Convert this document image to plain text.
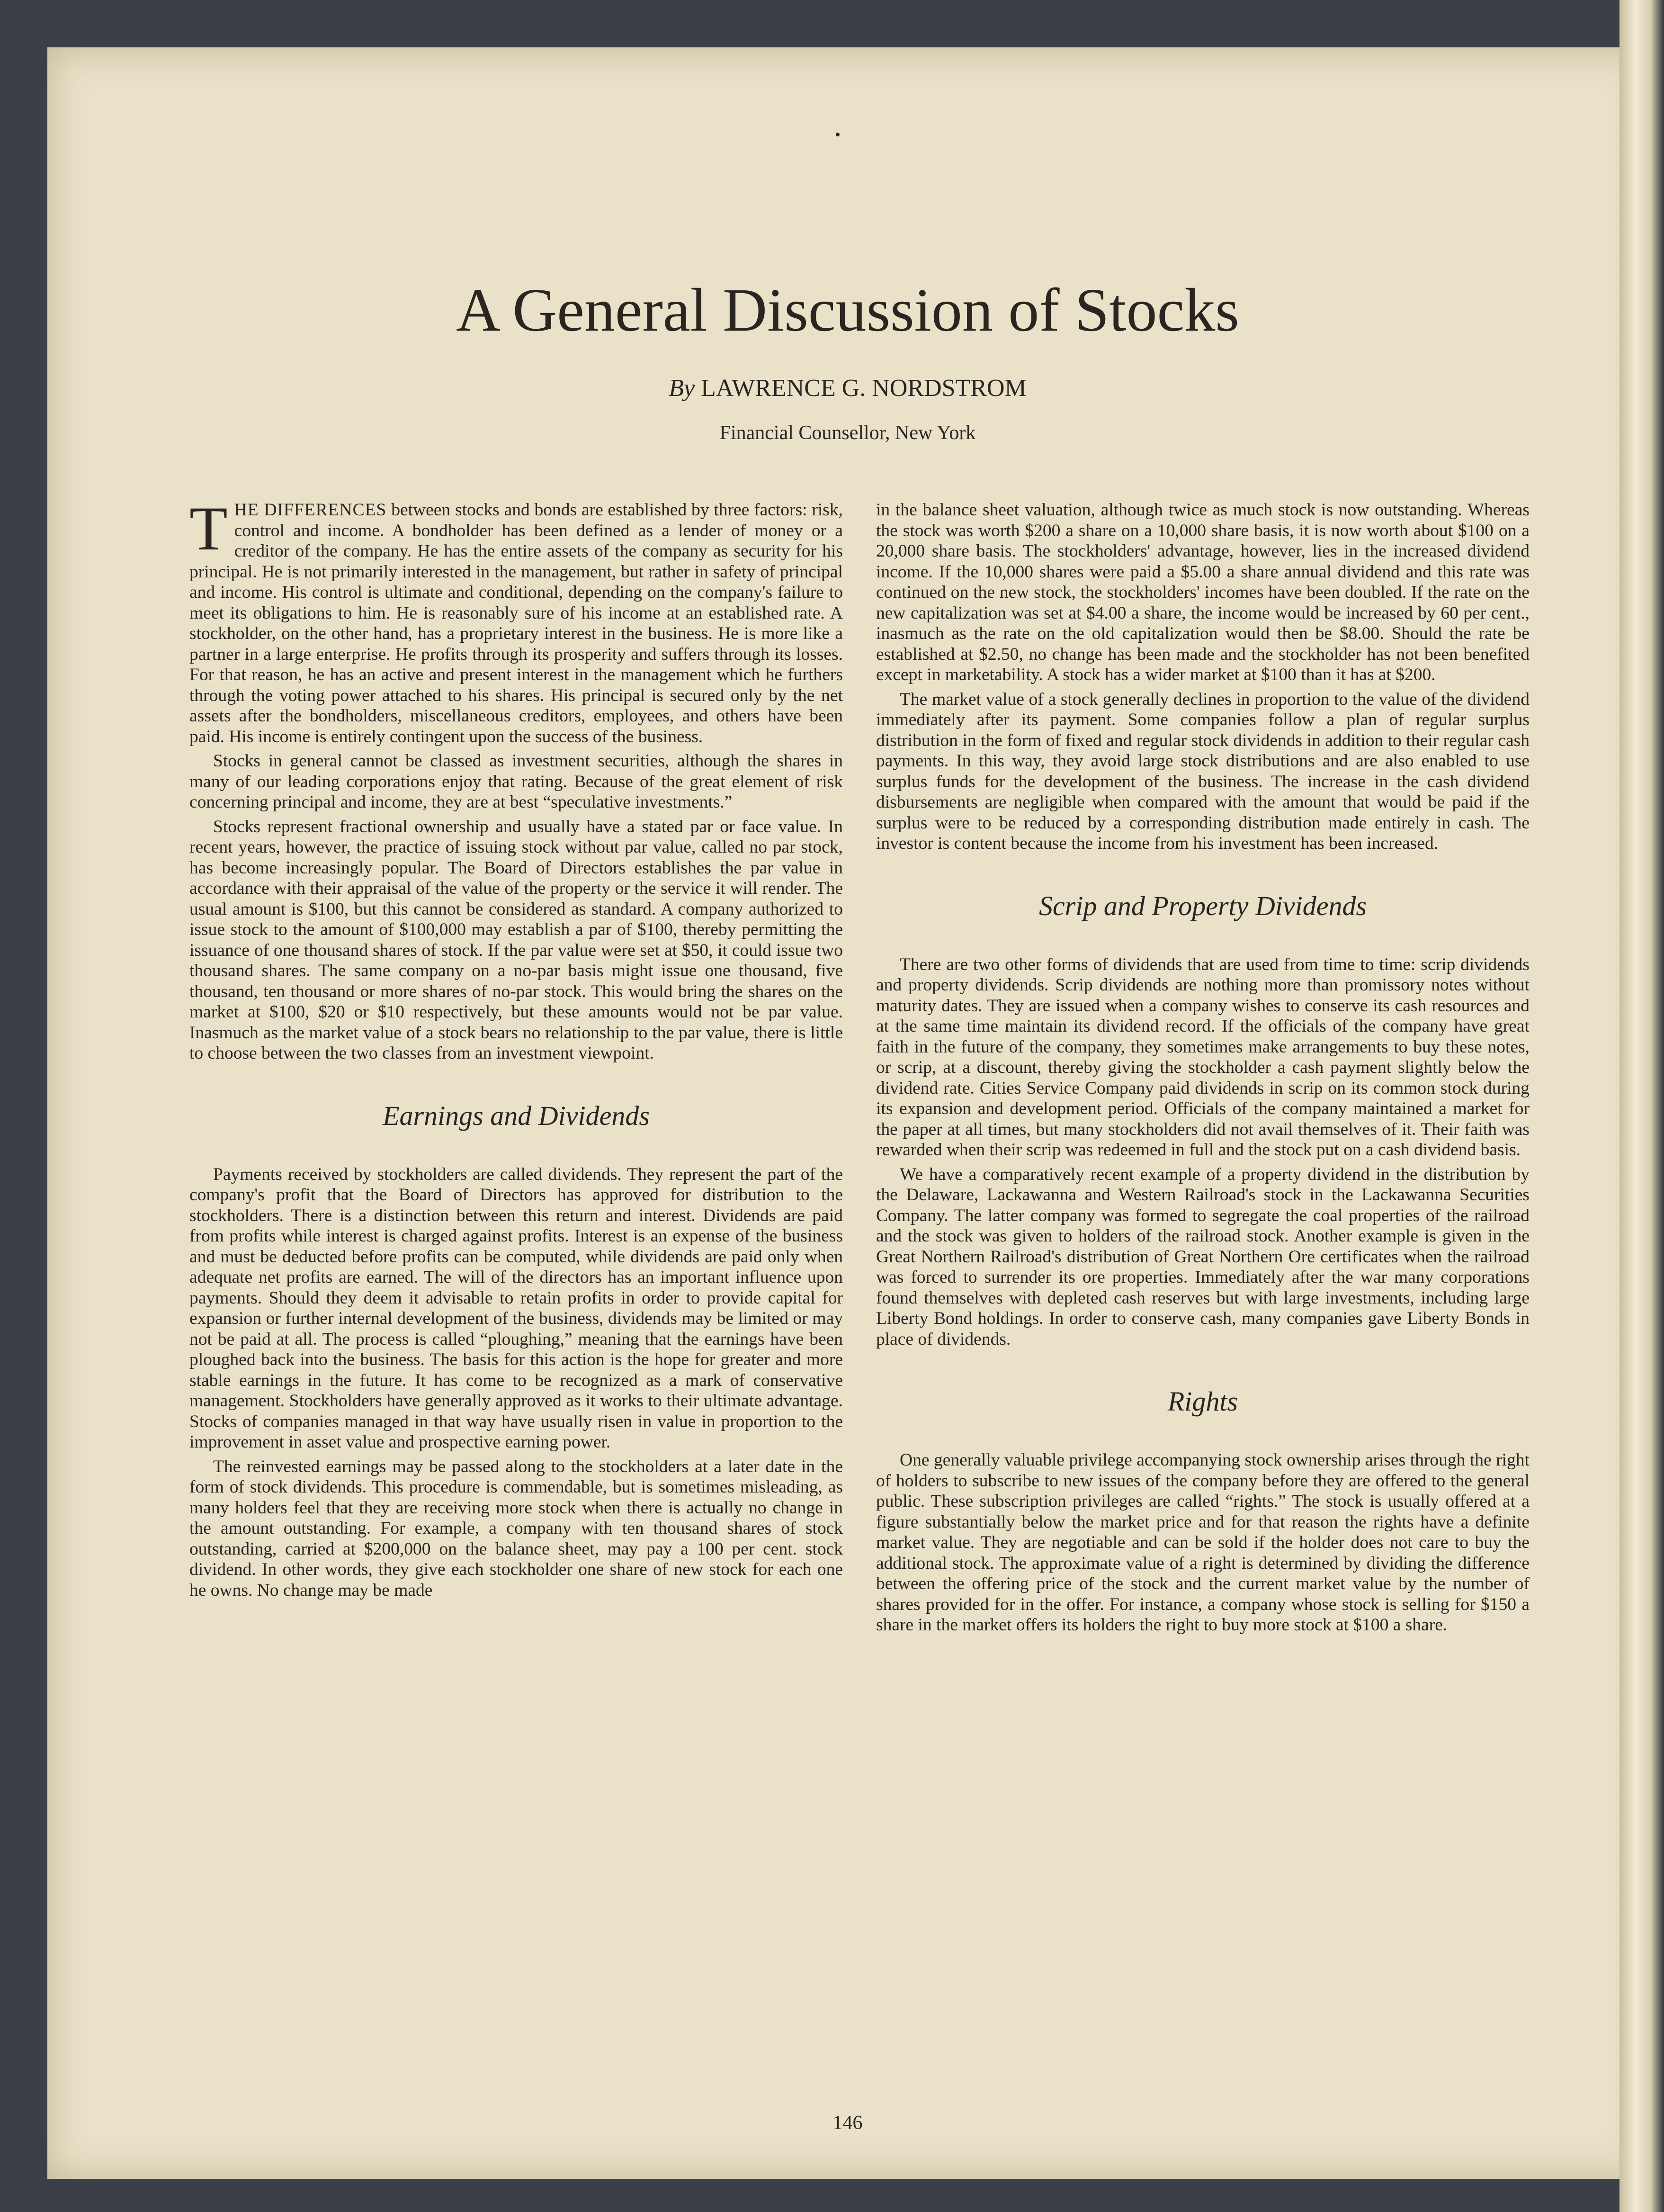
A General Discussion of Stocks
By LAWRENCE G. NORDSTROM
Financial Counsellor, New York

THE DIFFERENCES between stocks and bonds are established by three factors: risk, control and income. A bondholder has been defined as a lender of money or a creditor of the company. He has the entire assets of the company as security for his principal. He is not primarily interested in the management, but rather in safety of principal and income. His control is ultimate and conditional, depending on the company's failure to meet its obligations to him. He is reasonably sure of his income at an established rate. A stockholder, on the other hand, has a proprietary interest in the business. He is more like a partner in a large enterprise. He profits through its prosperity and suffers through its losses. For that reason, he has an active and present interest in the management which he furthers through the voting power attached to his shares. His principal is secured only by the net assets after the bondholders, miscellaneous creditors, employees, and others have been paid. His income is entirely contingent upon the success of the business.

Stocks in general cannot be classed as investment securities, although the shares in many of our leading corporations enjoy that rating. Because of the great element of risk concerning principal and income, they are at best “speculative investments.”

Stocks represent fractional ownership and usually have a stated par or face value. In recent years, however, the practice of issuing stock without par value, called no par stock, has become increasingly popular. The Board of Directors establishes the par value in accordance with their appraisal of the value of the property or the service it will render. The usual amount is $100, but this cannot be considered as standard. A company authorized to issue stock to the amount of $100,000 may establish a par of $100, thereby permitting the issuance of one thousand shares of stock. If the par value were set at $50, it could issue two thousand shares. The same company on a no-par basis might issue one thousand, five thousand, ten thousand or more shares of no-par stock. This would bring the shares on the market at $100, $20 or $10 respectively, but these amounts would not be par value. Inasmuch as the market value of a stock bears no relationship to the par value, there is little to choose between the two classes from an investment viewpoint.

Earnings and Dividends

Payments received by stockholders are called dividends. They represent the part of the company's profit that the Board of Directors has approved for distribution to the stockholders. There is a distinction between this return and interest. Dividends are paid from profits while interest is charged against profits. Interest is an expense of the business and must be deducted before profits can be computed, while dividends are paid only when adequate net profits are earned. The will of the directors has an important influence upon payments. Should they deem it advisable to retain profits in order to provide capital for expansion or further internal development of the business, dividends may be limited or may not be paid at all. The process is called “ploughing,” meaning that the earnings have been ploughed back into the business. The basis for this action is the hope for greater and more stable earnings in the future. It has come to be recognized as a mark of conservative management. Stockholders have generally approved as it works to their ultimate advantage. Stocks of companies managed in that way have usually risen in value in proportion to the improvement in asset value and prospective earning power.

The reinvested earnings may be passed along to the stockholders at a later date in the form of stock dividends. This procedure is commendable, but is sometimes misleading, as many holders feel that they are receiving more stock when there is actually no change in the amount outstanding. For example, a company with ten thousand shares of stock outstanding, carried at $200,000 on the balance sheet, may pay a 100 per cent. stock dividend. In other words, they give each stockholder one share of new stock for each one he owns. No change may be made

in the balance sheet valuation, although twice as much stock is now outstanding. Whereas the stock was worth $200 a share on a 10,000 share basis, it is now worth about $100 on a 20,000 share basis. The stockholders' advantage, however, lies in the increased dividend income. If the 10,000 shares were paid a $5.00 a share annual dividend and this rate was continued on the new stock, the stockholders' incomes have been doubled. If the rate on the new capitalization was set at $4.00 a share, the income would be increased by 60 per cent., inasmuch as the rate on the old capitalization would then be $8.00. Should the rate be established at $2.50, no change has been made and the stockholder has not been benefited except in marketability. A stock has a wider market at $100 than it has at $200.

The market value of a stock generally declines in proportion to the value of the dividend immediately after its payment. Some companies follow a plan of regular surplus distribution in the form of fixed and regular stock dividends in addition to their regular cash payments. In this way, they avoid large stock distributions and are also enabled to use surplus funds for the development of the business. The increase in the cash dividend disbursements are negligible when compared with the amount that would be paid if the surplus were to be reduced by a corresponding distribution made entirely in cash. The investor is content because the income from his investment has been increased.

Scrip and Property Dividends

There are two other forms of dividends that are used from time to time: scrip dividends and property dividends. Scrip dividends are nothing more than promissory notes without maturity dates. They are issued when a company wishes to conserve its cash resources and at the same time maintain its dividend record. If the officials of the company have great faith in the future of the company, they sometimes make arrangements to buy these notes, or scrip, at a discount, thereby giving the stockholder a cash payment slightly below the dividend rate. Cities Service Company paid dividends in scrip on its common stock during its expansion and development period. Officials of the company maintained a market for the paper at all times, but many stockholders did not avail themselves of it. Their faith was rewarded when their scrip was redeemed in full and the stock put on a cash dividend basis.

We have a comparatively recent example of a property dividend in the distribution by the Delaware, Lackawanna and Western Railroad's stock in the Lackawanna Securities Company. The latter company was formed to segregate the coal properties of the railroad and the stock was given to holders of the railroad stock. Another example is given in the Great Northern Railroad's distribution of Great Northern Ore certificates when the railroad was forced to surrender its ore properties. Immediately after the war many corporations found themselves with depleted cash reserves but with large investments, including large Liberty Bond holdings. In order to conserve cash, many companies gave Liberty Bonds in place of dividends.

Rights

One generally valuable privilege accompanying stock ownership arises through the right of holders to subscribe to new issues of the company before they are offered to the general public. These subscription privileges are called “rights.” The stock is usually offered at a figure substantially below the market price and for that reason the rights have a definite market value. They are negotiable and can be sold if the holder does not care to buy the additional stock. The approximate value of a right is determined by dividing the difference between the offering price of the stock and the current market value by the number of shares provided for in the offer. For instance, a company whose stock is selling for $150 a share in the market offers its holders the right to buy more stock at $100 a share.

146
